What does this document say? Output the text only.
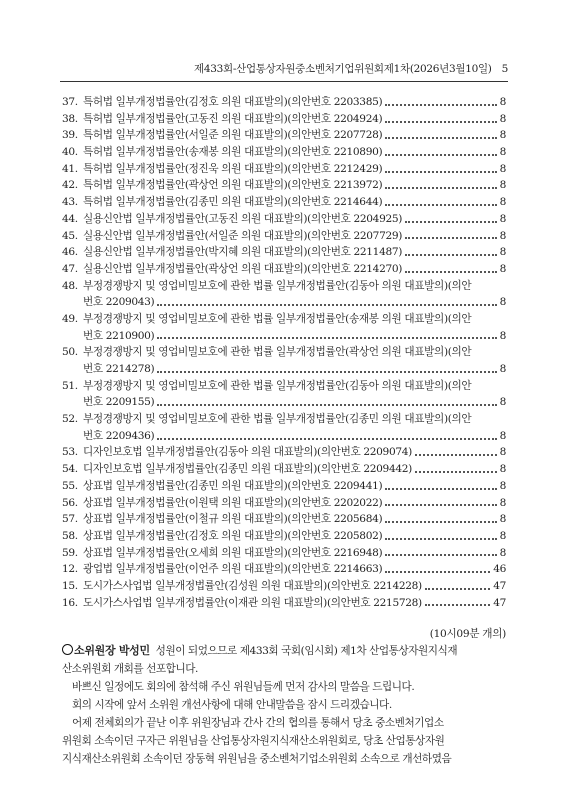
제433회-산업통상자원중소벤처기업위원회제1차(2026년3월10일) 5
37. 특허법 일부개정법률안(김정호 의원 대표발의)(의안번호 2203385)	8
38. 특허법 일부개정법률안(고동진 의원 대표발의)(의안번호 2204924)	8
39. 특허법 일부개정법률안(서일준 의원 대표발의)(의안번호 2207728)	8
40. 특허법 일부개정법률안(송재봉 의원 대표발의)(의안번호 2210890)	8
41. 특허법 일부개정법률안(정진욱 의원 대표발의)(의안번호 2212429)	8
42. 특허법 일부개정법률안(곽상언 의원 대표발의)(의안번호 2213972)	8
43. 특허법 일부개정법률안(김종민 의원 대표발의)(의안번호 2214644)	8
44. 실용신안법 일부개정법률안(고동진 의원 대표발의)(의안번호 2204925)	8
45. 실용신안법 일부개정법률안(서일준 의원 대표발의)(의안번호 2207729)	8
46. 실용신안법 일부개정법률안(박지혜 의원 대표발의)(의안번호 2211487)	8
47. 실용신안법 일부개정법률안(곽상언 의원 대표발의)(의안번호 2214270)	8
48. 부정경쟁방지 및 영업비밀보호에 관한 법률 일부개정법률안(김동아 의원 대표발의)(의안
번호 2209043)	8
49. 부정경쟁방지 및 영업비밀보호에 관한 법률 일부개정법률안(송재봉 의원 대표발의)(의안
번호 2210900)	8
50. 부정경쟁방지 및 영업비밀보호에 관한 법률 일부개정법률안(곽상언 의원 대표발의)(의안
번호 2214278)	8
51. 부정경쟁방지 및 영업비밀보호에 관한 법률 일부개정법률안(김동아 의원 대표발의)(의안
번호 2209155)	8
52. 부정경쟁방지 및 영업비밀보호에 관한 법률 일부개정법률안(김종민 의원 대표발의)(의안
번호 2209436)	8
53. 디자인보호법 일부개정법률안(김동아 의원 대표발의)(의안번호 2209074)	8
54. 디자인보호법 일부개정법률안(김종민 의원 대표발의)(의안번호 2209442)	8
55. 상표법 일부개정법률안(김종민 의원 대표발의)(의안번호 2209441)	8
56. 상표법 일부개정법률안(이원택 의원 대표발의)(의안번호 2202022)	8
57. 상표법 일부개정법률안(이철규 의원 대표발의)(의안번호 2205684)	8
58. 상표법 일부개정법률안(김정호 의원 대표발의)(의안번호 2205802)	8
59. 상표법 일부개정법률안(오세희 의원 대표발의)(의안번호 2216948)	8
12. 광업법 일부개정법률안(이언주 의원 대표발의)(의안번호 2214663)	46
15. 도시가스사업법 일부개정법률안(김성원 의원 대표발의)(의안번호 2214228)	47
16. 도시가스사업법 일부개정법률안(이재관 의원 대표발의)(의안번호 2215728)	47
(10시09분 개의)

소위원장 박성민 성원이 되었으므로 제433회 국회(임시회) 제1차 산업통상자원지식재

산소위원회 개회를 선포합니다.

바쁘신 일정에도 회의에 참석해 주신 위원님들께 먼저 감사의 말씀을 드립니다.

회의 시작에 앞서 소위원 개선사항에 대해 안내말씀을 잠시 드리겠습니다.

어제 전체회의가 끝난 이후 위원장님과 간사 간의 협의를 통해서 당초 중소벤처기업소

위원회 소속이던 구자근 위원님을 산업통상자원지식재산소위원회로, 당초 산업통상자원

지식재산소위원회 소속이던 장동혁 위원님을 중소벤처기업소위원회 소속으로 개선하였음
